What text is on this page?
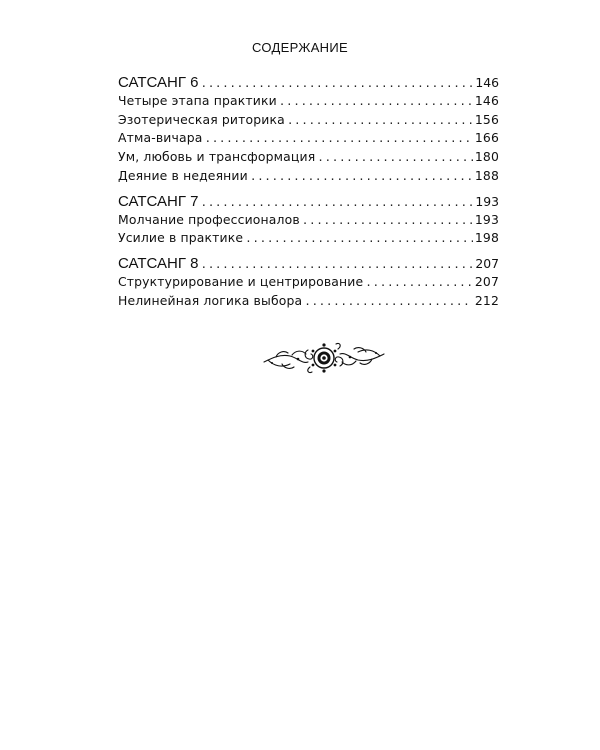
СОДЕРЖАНИЕ
САТСАНГ 6 .....	146
Четыре этапа практики .....	146
Эзотерическая риторика .....	156
Атма-вичара .....	166
Ум, любовь и трансформация .....	180
Деяние в недеянии .....	188
САТСАНГ 7 .....	193
Молчание профессионалов .....	193
Усилие в практике .....	198
САТСАНГ 8 .....	207
Структурирование и центрирование .....	207
Нелинейная логика выбора .....	212
